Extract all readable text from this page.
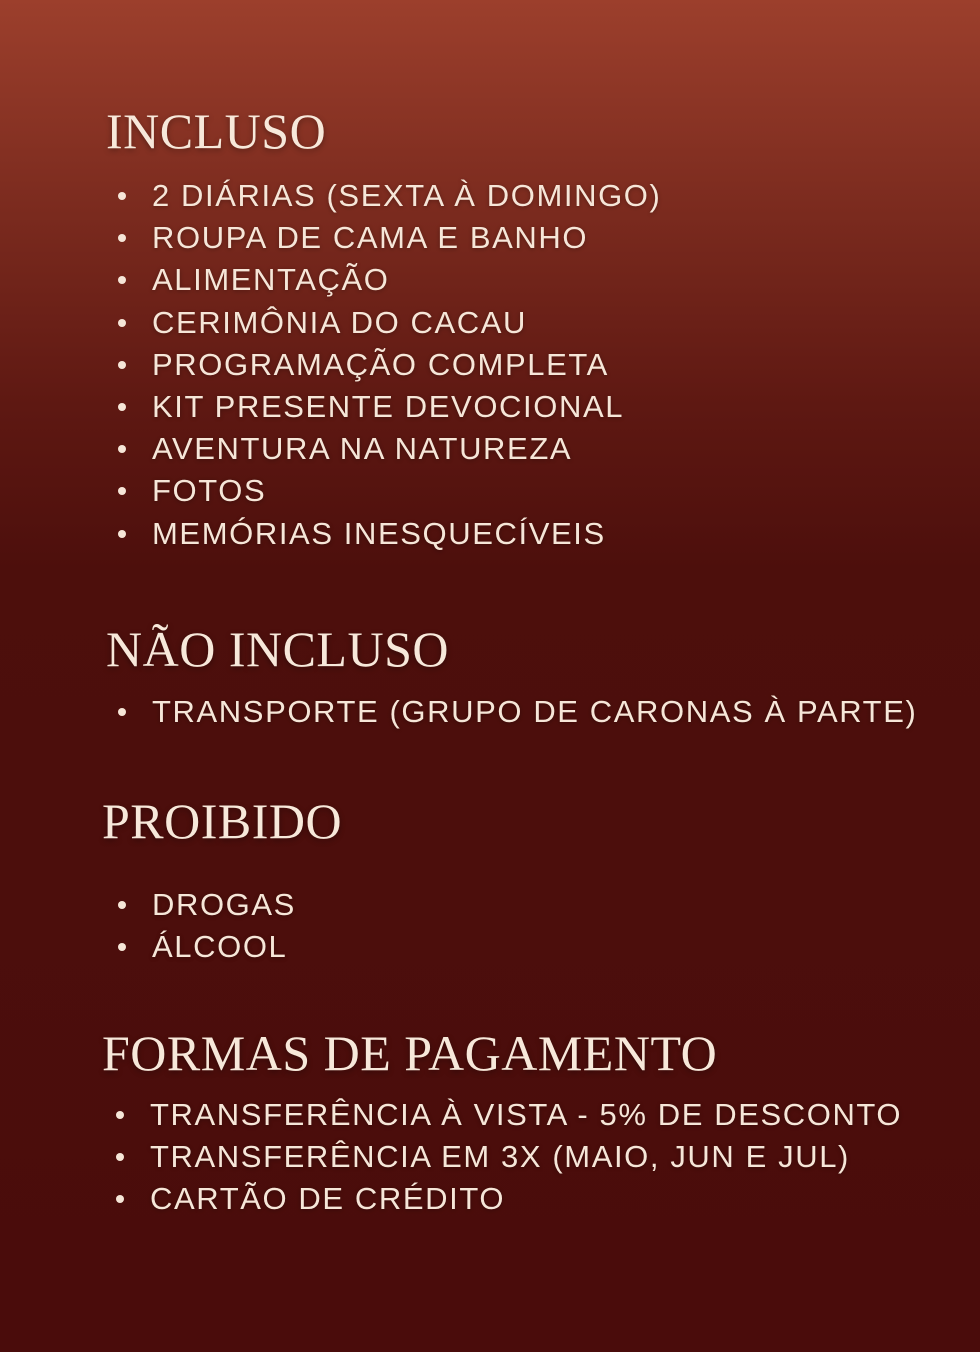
INCLUSO
2 DIÁRIAS (SEXTA À DOMINGO)
ROUPA DE CAMA E BANHO
ALIMENTAÇÃO
CERIMÔNIA DO CACAU
PROGRAMAÇÃO COMPLETA
KIT PRESENTE DEVOCIONAL
AVENTURA NA NATUREZA
FOTOS
MEMÓRIAS INESQUECÍVEIS
NÃO INCLUSO
TRANSPORTE (GRUPO DE CARONAS À PARTE)
PROIBIDO
DROGAS
ÁLCOOL
FORMAS DE PAGAMENTO
TRANSFERÊNCIA À VISTA - 5% DE DESCONTO
TRANSFERÊNCIA EM 3X (MAIO, JUN E JUL)
CARTÃO DE CRÉDITO
